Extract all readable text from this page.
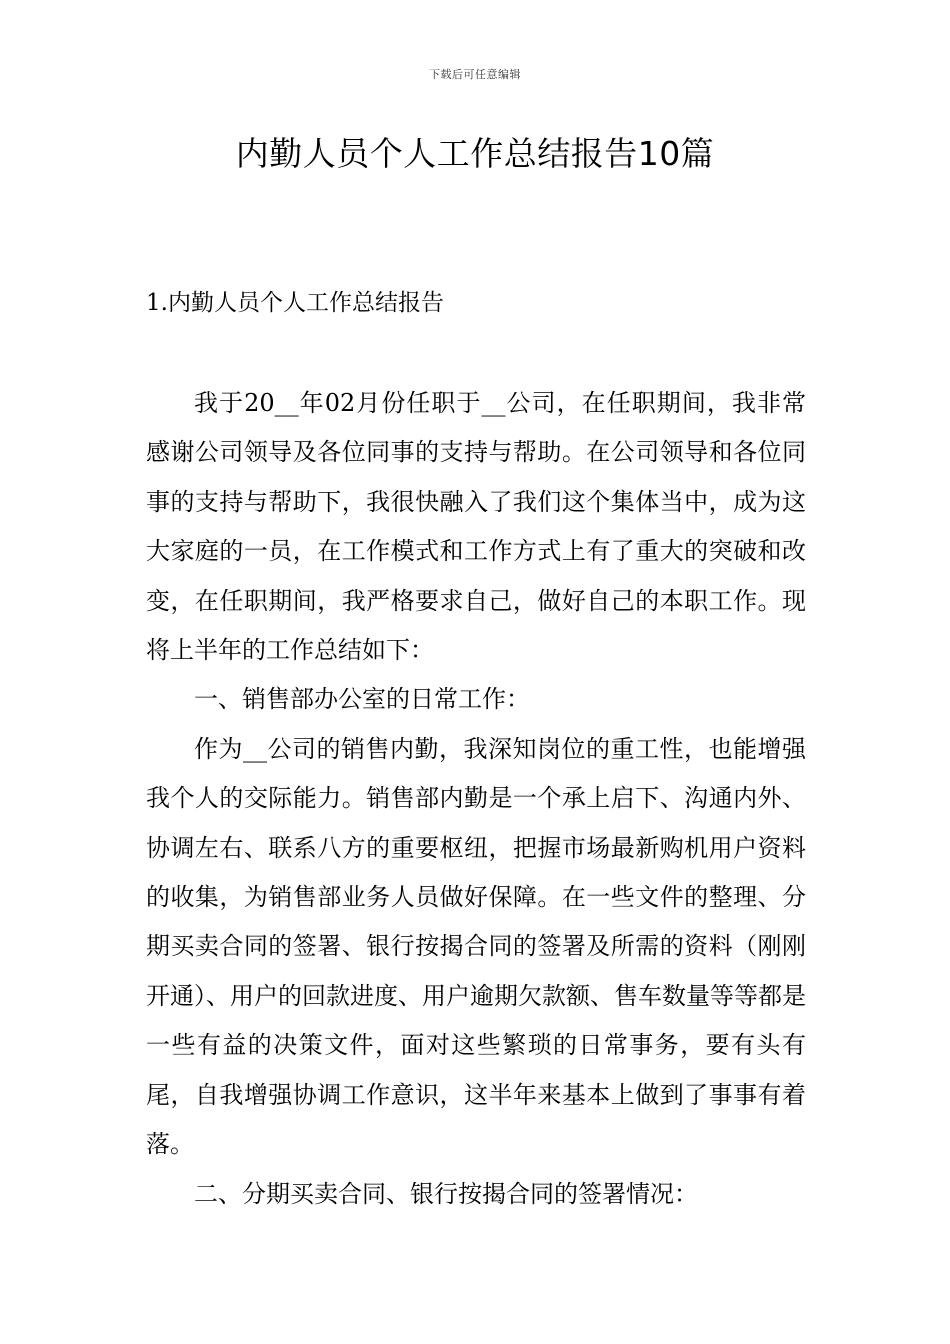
下载后可任意编辑
内勤人员个人工作总结报告10篇
1.内勤人员个人工作总结报告

我于20__年02月份任职于__公司，在任职期间，我非常感谢公司领导及各位同事的支持与帮助。在公司领导和各位同事的支持与帮助下，我很快融入了我们这个集体当中，成为这大家庭的一员，在工作模式和工作方式上有了重大的突破和改变，在任职期间，我严格要求自己，做好自己的本职工作。现将上半年的工作总结如下：

一、销售部办公室的日常工作：

作为__公司的销售内勤，我深知岗位的重工性，也能增强我个人的交际能力。销售部内勤是一个承上启下、沟通内外、协调左右、联系八方的重要枢纽，把握市场最新购机用户资料的收集，为销售部业务人员做好保障。在一些文件的整理、分期买卖合同的签署、银行按揭合同的签署及所需的资料（刚刚开通）、用户的回款进度、用户逾期欠款额、售车数量等等都是一些有益的决策文件，面对这些繁琐的日常事务，要有头有尾，自我增强协调工作意识，这半年来基本上做到了事事有着落。

二、分期买卖合同、银行按揭合同的签署情况：
